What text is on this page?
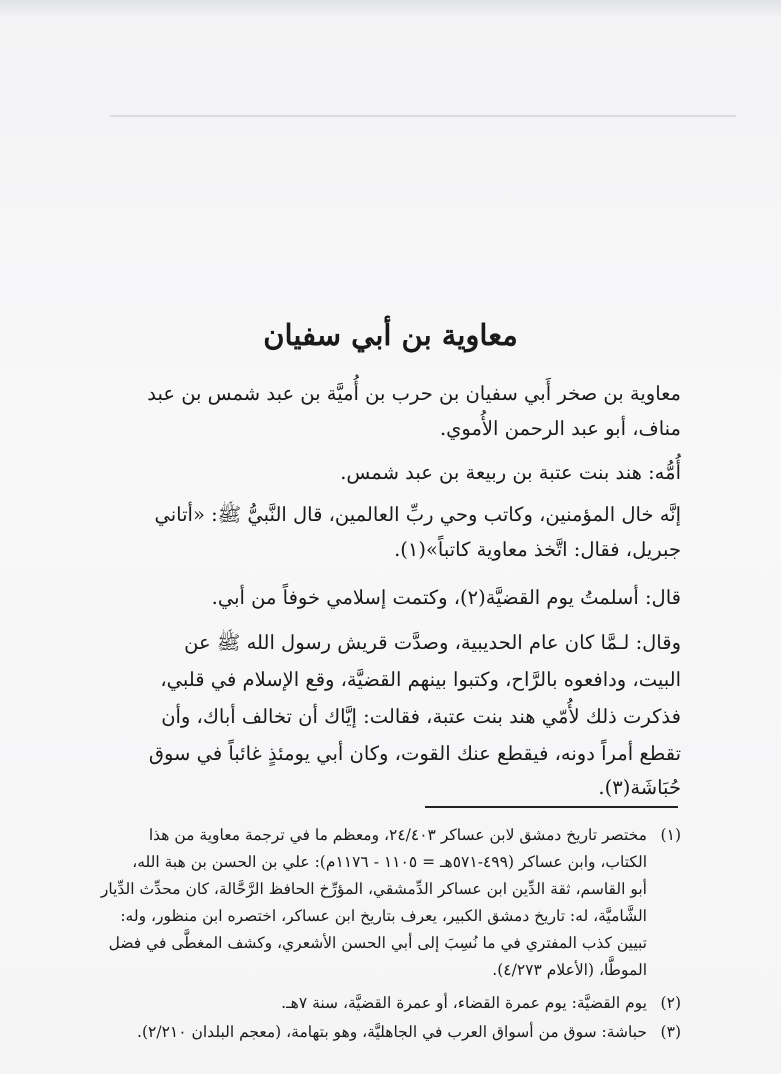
معاوية بن أبي سفيان
معاوية بن صخر أَبي سفيان بن حرب بن أُميَّة بن عبد شمس بن عبد
مناف، أبو عبد الرحمن الأُموي.
أُمُّه: هند بنت عتبة بن ربيعة بن عبد شمس.
إنَّه خال المؤمنين، وكاتب وحي ربِّ العالمين، قال النَّبيُّ ﷺ: «أتاني
جبريل، فقال: اتَّخذ معاوية كاتباً»(١).
قال: أسلمتُ يوم القضيَّة(٢)، وكتمت إسلامي خوفاً من أبي.
وقال: لـمَّا كان عام الحديبية، وصدَّت قريش رسول الله ﷺ عن
البيت، ودافعوه بالرَّاح، وكتبوا بينهم القضيَّة، وقع الإسلام في قلبي،
فذكرت ذلك لأُمّي هند بنت عتبة، فقالت: إيَّاك أن تخالف أباك، وأن
تقطع أمراً دونه، فيقطع عنك القوت، وكان أبي يومئذٍ غائباً في سوق
حُبَاشَة(٣).
(١)مختصر تاريخ دمشق لابن عساكر ٢٤/٤٠٣، ومعظم ما في ترجمة معاوية من هذا
الكتاب، وابن عساكر (٤٩٩-٥٧١هـ = ١١٠٥ - ١١٧٦م): علي بن الحسن بن هبة الله،
أبو القاسم، ثقة الدِّين ابن عساكر الدِّمشقي، المؤرِّخ الحافظ الرَّحَّالة، كان محدِّث الدِّيار
الشَّاميَّة، له: تاريخ دمشق الكبير، يعرف بتاريخ ابن عساكر، اختصره ابن منظور، وله:
تبيين كذب المفتري في ما نُسِبَ إلى أبي الحسن الأشعري، وكشف المغطَّى في فضل
الموطَّا، (الأعلام ٤/٢٧٣).
(٢)يوم القضيَّة: يوم عمرة القضاء، أو عمرة القضيَّة، سنة ٧هـ.
(٣)حباشة: سوق من أسواق العرب في الجاهليَّة، وهو بتهامة، (معجم البلدان ٢/٢١٠).
